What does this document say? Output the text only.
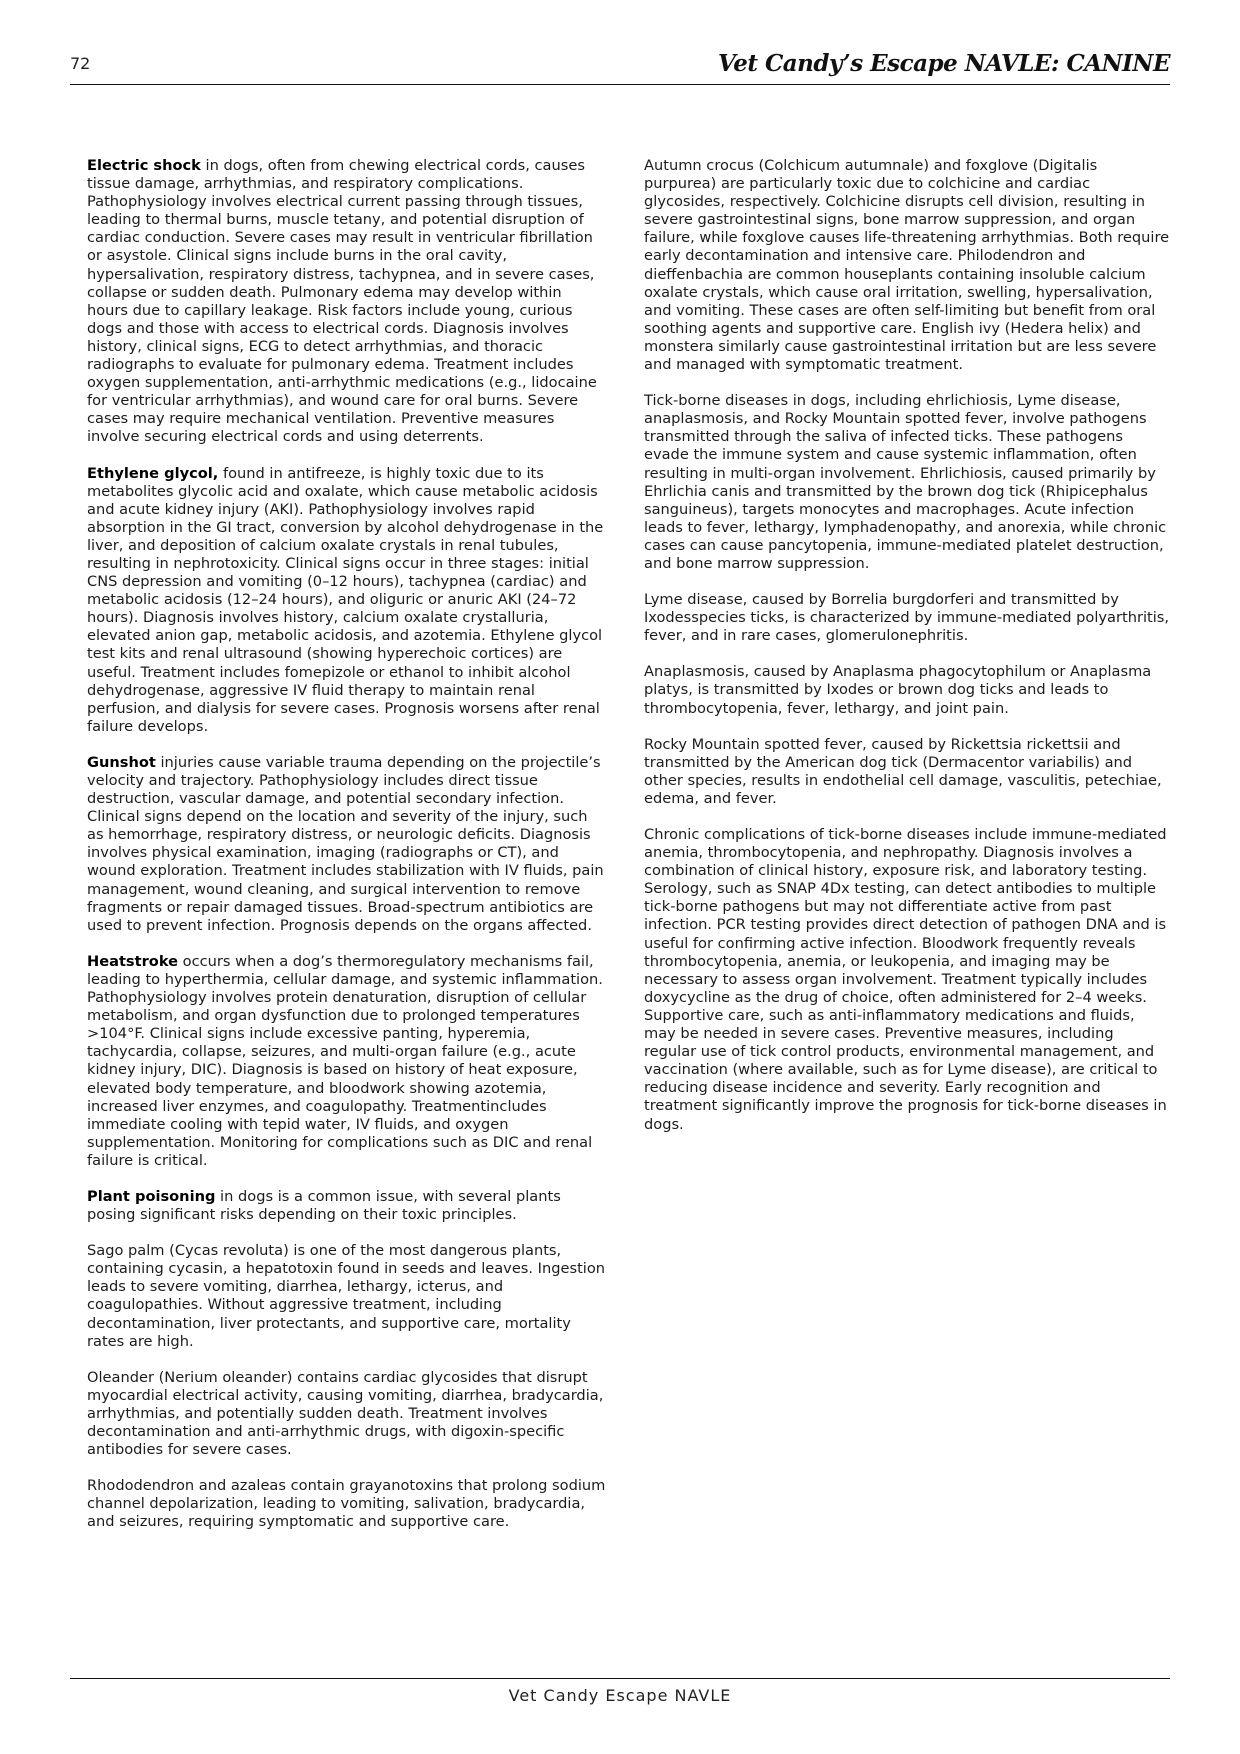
72	Vet Candy’s Escape NAVLE: CANINE

Electric shock in dogs, often from chewing electrical cords, causes tissue damage, arrhythmias, and respiratory complications. Pathophysiology involves electrical current passing through tissues, leading to thermal burns, muscle tetany, and potential disruption of cardiac conduction. Severe cases may result in ventricular fibrillation or asystole. Clinical signs include burns in the oral cavity, hypersalivation, respiratory distress, tachypnea, and in severe cases, collapse or sudden death. Pulmonary edema may develop within hours due to capillary leakage. Risk factors include young, curious dogs and those with access to electrical cords. Diagnosis involves history, clinical signs, ECG to detect arrhythmias, and thoracic radiographs to evaluate for pulmonary edema. Treatment includes oxygen supplementation, anti-arrhythmic medications (e.g., lidocaine for ventricular arrhythmias), and wound care for oral burns. Severe cases may require mechanical ventilation. Preventive measures involve securing electrical cords and using deterrents.

Ethylene glycol, found in antifreeze, is highly toxic due to its metabolites glycolic acid and oxalate, which cause metabolic acidosis and acute kidney injury (AKI). Pathophysiology involves rapid absorption in the GI tract, conversion by alcohol dehydrogenase in the liver, and deposition of calcium oxalate crystals in renal tubules, resulting in nephrotoxicity. Clinical signs occur in three stages: initial CNS depression and vomiting (0–12 hours), tachypnea (cardiac) and metabolic acidosis (12–24 hours), and oliguric or anuric AKI (24–72 hours). Diagnosis involves history, calcium oxalate crystalluria, elevated anion gap, metabolic acidosis, and azotemia. Ethylene glycol test kits and renal ultrasound (showing hyperechoic cortices) are useful. Treatment includes fomepizole or ethanol to inhibit alcohol dehydrogenase, aggressive IV fluid therapy to maintain renal perfusion, and dialysis for severe cases. Prognosis worsens after renal failure develops.

Gunshot injuries cause variable trauma depending on the projectile’s velocity and trajectory. Pathophysiology includes direct tissue destruction, vascular damage, and potential secondary infection. Clinical signs depend on the location and severity of the injury, such as hemorrhage, respiratory distress, or neurologic deficits. Diagnosis involves physical examination, imaging (radiographs or CT), and wound exploration. Treatment includes stabilization with IV fluids, pain management, wound cleaning, and surgical intervention to remove fragments or repair damaged tissues. Broad-spectrum antibiotics are used to prevent infection. Prognosis depends on the organs affected.

Heatstroke occurs when a dog’s thermoregulatory mechanisms fail, leading to hyperthermia, cellular damage, and systemic inflammation. Pathophysiology involves protein denaturation, disruption of cellular metabolism, and organ dysfunction due to prolonged temperatures >104°F. Clinical signs include excessive panting, hyperemia, tachycardia, collapse, seizures, and multi-organ failure (e.g., acute kidney injury, DIC). Diagnosis is based on history of heat exposure, elevated body temperature, and bloodwork showing azotemia, increased liver enzymes, and coagulopathy. Treatmentincludes immediate cooling with tepid water, IV fluids, and oxygen supplementation. Monitoring for complications such as DIC and renal failure is critical.

Plant poisoning in dogs is a common issue, with several plants posing significant risks depending on their toxic principles.

Sago palm (Cycas revoluta) is one of the most dangerous plants, containing cycasin, a hepatotoxin found in seeds and leaves. Ingestion leads to severe vomiting, diarrhea, lethargy, icterus, and coagulopathies. Without aggressive treatment, including decontamination, liver protectants, and supportive care, mortality rates are high.

Oleander (Nerium oleander) contains cardiac glycosides that disrupt myocardial electrical activity, causing vomiting, diarrhea, bradycardia, arrhythmias, and potentially sudden death. Treatment involves decontamination and anti-arrhythmic drugs, with digoxin-specific antibodies for severe cases.

Rhododendron and azaleas contain grayanotoxins that prolong sodium channel depolarization, leading to vomiting, salivation, bradycardia, and seizures, requiring symptomatic and supportive care.

Autumn crocus (Colchicum autumnale) and foxglove (Digitalis purpurea) are particularly toxic due to colchicine and cardiac glycosides, respectively. Colchicine disrupts cell division, resulting in severe gastrointestinal signs, bone marrow suppression, and organ failure, while foxglove causes life-threatening arrhythmias. Both require early decontamination and intensive care. Philodendron and dieffenbachia are common houseplants containing insoluble calcium oxalate crystals, which cause oral irritation, swelling, hypersalivation, and vomiting. These cases are often self-limiting but benefit from oral soothing agents and supportive care. English ivy (Hedera helix) and monstera similarly cause gastrointestinal irritation but are less severe and managed with symptomatic treatment.

Tick-borne diseases in dogs, including ehrlichiosis, Lyme disease, anaplasmosis, and Rocky Mountain spotted fever, involve pathogens transmitted through the saliva of infected ticks. These pathogens evade the immune system and cause systemic inflammation, often resulting in multi-organ involvement. Ehrlichiosis, caused primarily by Ehrlichia canis and transmitted by the brown dog tick (Rhipicephalus sanguineus), targets monocytes and macrophages. Acute infection leads to fever, lethargy, lymphadenopathy, and anorexia, while chronic cases can cause pancytopenia, immune-mediated platelet destruction, and bone marrow suppression.

Lyme disease, caused by Borrelia burgdorferi and transmitted by Ixodesspecies ticks, is characterized by immune-mediated polyarthritis, fever, and in rare cases, glomerulonephritis.

Anaplasmosis, caused by Anaplasma phagocytophilum or Anaplasma platys, is transmitted by Ixodes or brown dog ticks and leads to thrombocytopenia, fever, lethargy, and joint pain.

Rocky Mountain spotted fever, caused by Rickettsia rickettsii and transmitted by the American dog tick (Dermacentor variabilis) and other species, results in endothelial cell damage, vasculitis, petechiae, edema, and fever.

Chronic complications of tick-borne diseases include immune-mediated anemia, thrombocytopenia, and nephropathy. Diagnosis involves a combination of clinical history, exposure risk, and laboratory testing. Serology, such as SNAP 4Dx testing, can detect antibodies to multiple tick-borne pathogens but may not differentiate active from past infection. PCR testing provides direct detection of pathogen DNA and is useful for confirming active infection. Bloodwork frequently reveals thrombocytopenia, anemia, or leukopenia, and imaging may be necessary to assess organ involvement. Treatment typically includes doxycycline as the drug of choice, often administered for 2–4 weeks. Supportive care, such as anti-inflammatory medications and fluids, may be needed in severe cases. Preventive measures, including regular use of tick control products, environmental management, and vaccination (where available, such as for Lyme disease), are critical to reducing disease incidence and severity. Early recognition and treatment significantly improve the prognosis for tick-borne diseases in dogs.

Vet Candy Escape NAVLE
